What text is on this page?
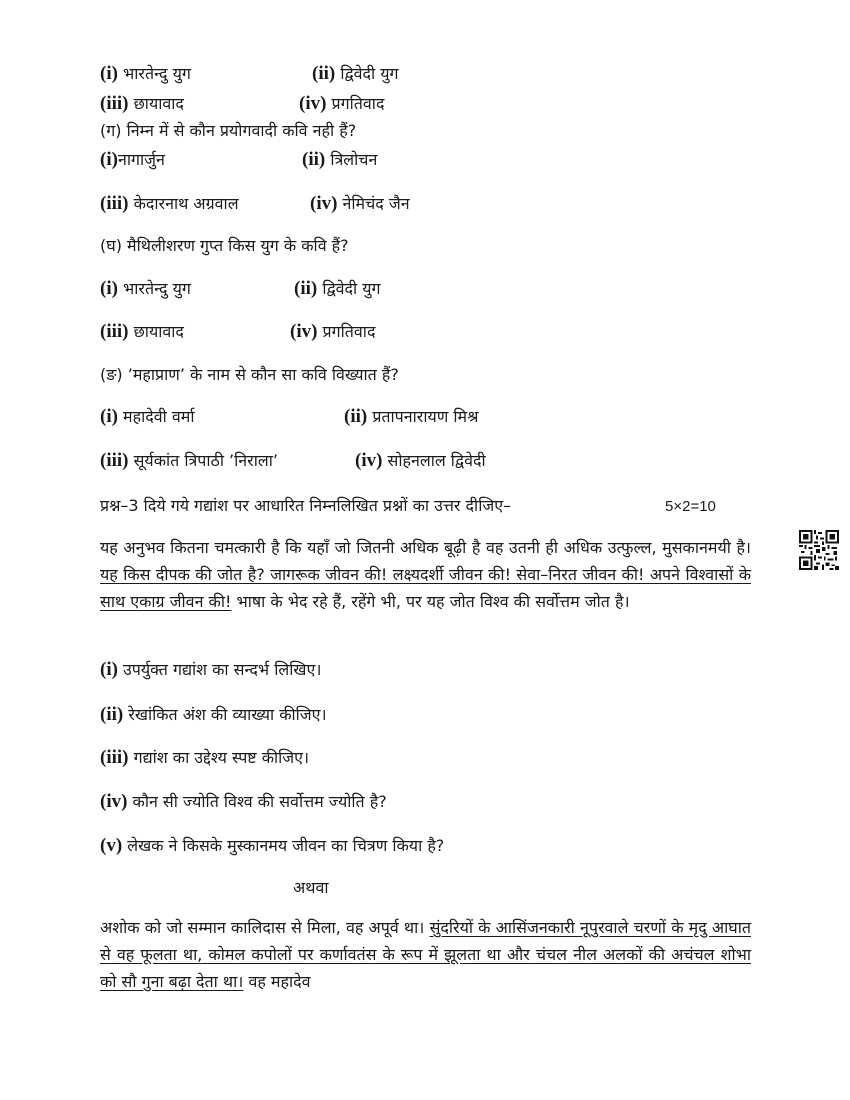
(i) भारतेन्दु युग	(ii) द्विवेदी युग
(iii) छायावाद	(iv) प्रगतिवाद
(ग) निम्न में से कौन प्रयोगवादी कवि नही हैं?
(i)नागार्जुन	(ii) त्रिलोचन
(iii) केदारनाथ अग्रवाल	(iv) नेमिचंद जैन
(घ) मैथिलीशरण गुप्त किस युग के कवि हैं?
(i) भारतेन्दु युग	(ii) द्विवेदी युग
(iii) छायावाद	(iv) प्रगतिवाद
(ङ) ’महाप्राण’ के नाम से कौन सा कवि विख्यात हैं?
(i) महादेवी वर्मा	(ii) प्रतापनारायण मिश्र
(iii) सूर्यकांत त्रिपाठी ’निराला’	(iv) सोहनलाल द्विवेदी
प्रश्न–3 दिये गये गद्यांश पर आधारित निम्नलिखित प्रश्नों का उत्तर दीजिए–	5×2=10
यह अनुभव कितना चमत्कारी है कि यहाँ जो जितनी अधिक बूढ़ी है वह उतनी ही अधिक उत्फुल्ल, मुसकानमयी है। यह किस दीपक की जोत है? जागरूक जीवन की! लक्ष्यदर्शी जीवन की! सेवा–निरत जीवन की! अपने विश्वासों के साथ एकाग्र जीवन की! भाषा के भेद रहे हैं, रहेंगे भी, पर यह जोत विश्व की सर्वोत्तम जोत है।
(i) उपर्युक्त गद्यांश का सन्दर्भ लिखिए।
(ii) रेखांकित अंश की व्याख्या कीजिए।
(iii) गद्यांश का उद्देश्य स्पष्ट कीजिए।
(iv) कौन सी ज्योति विश्व की सर्वोत्तम ज्योति है?
(v) लेखक ने किसके मुस्कानमय जीवन का चित्रण किया है?
अथवा
अशोक को जो सम्मान कालिदास से मिला, वह अपूर्व था। सुंदरियों के आसिंजनकारी नूपुरवाले चरणों के मृदु आघात से वह फूलता था, कोमल कपोलों पर कर्णावतंस के रूप में झूलता था और चंचल नील अलकों की अचंचल शोभा को सौ गुना बढ़ा देता था। वह महादेव
